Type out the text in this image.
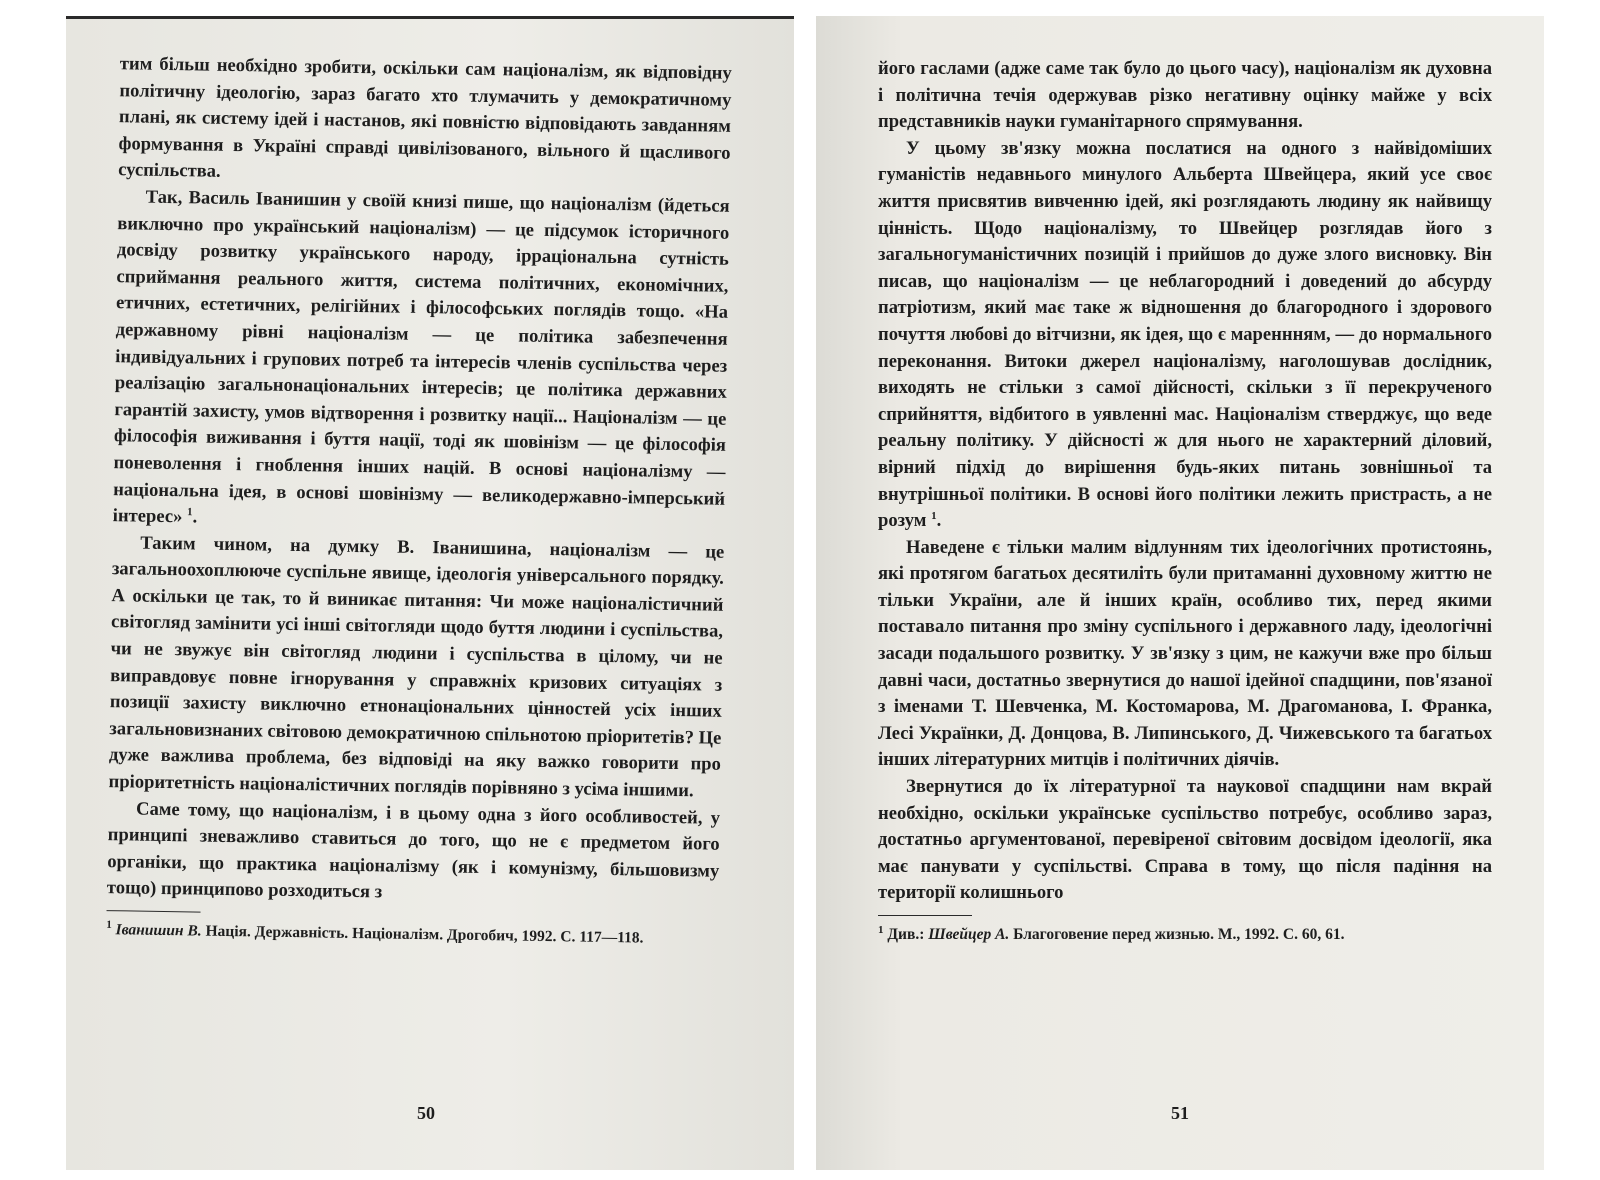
тим більш необхідно зробити, оскільки сам націоналізм, як відповідну політичну ідеологію, зараз багато хто тлумачить у демократичному плані, як систему ідей і настанов, які повністю відповідають завданням формування в Україні справді цивілізованого, вільного й щасливого суспільства.

Так, Василь Іванишин у своїй книзі пише, що націоналізм (йдеться виключно про український націоналізм) — це підсумок історичного досвіду розвитку українського народу, ірраціональна сутність сприймання реального життя, система політичних, економічних, етичних, естетичних, релігійних і філософських поглядів тощо. «На державному рівні націоналізм — це політика забезпечення індивідуальних і групових потреб та інтересів членів суспільства через реалізацію загальнонаціональних інтересів; це політика державних гарантій захисту, умов відтворення і розвитку нації... Націоналізм — це філософія виживання і буття нації, тоді як шовінізм — це філософія поневолення і гноблення інших націй. В основі націоналізму — національна ідея, в основі шовінізму — великодержавно-імперський інтерес» $^1$.

Таким чином, на думку В. Іванишина, націоналізм — це загальноохоплюючe суспільне явище, ідеологія універсального порядку. А оскільки це так, то й виникає питання: Чи може націоналістичний світогляд замінити усі інші світогляди щодо буття людини і суспільства, чи не звужує він світогляд людини і суспільства в цілому, чи не виправдовує повне ігнорування у справжніх кризових ситуаціях з позиції захисту виключно етнонаціональних цінностей усіх інших загальновизнаних світовою демократичною спільнотою пріоритетів? Це дуже важлива проблема, без відповіді на яку важко говорити про пріоритетність націоналістичних поглядів порівняно з усіма іншими.

Саме тому, що націоналізм, і в цьому одна з його особливостей, у принципі зневажливо ставиться до того, що не є предметом його органіки, що практика націоналізму (як і комунізму, більшовизму тощо) принципово розходиться з

$^1$ Іванишин В. Нація. Державність. Націоналізм. Дрогобич, 1992. С. 117—118.
50

його гаслами (адже саме так було до цього часу), націоналізм як духовна і політична течія одержував різко негативну оцінку майже у всіх представників науки гуманітарного спрямування.

У цьому зв'язку можна послатися на одного з найвідоміших гуманістів недавнього минулого Альберта Швейцера, який усе своє життя присвятив вивченню ідей, які розглядають людину як найвищу цінність. Щодо націоналізму, то Швейцер розглядав його з загальногуманістичних позицій і прийшов до дуже злого висновку. Він писав, що націоналізм — це неблагородний і доведений до абсурду патріотизм, який має таке ж відношення до благородного і здорового почуття любові до вітчизни, як ідея, що є мареннням, — до нормального переконання. Витоки джерел націоналізму, наголошував дослідник, виходять не стільки з самої дійсності, скільки з її перекрученого сприйняття, відбитого в уявленні мас. Націоналізм стверджує, що веде реальну політику. У дійсності ж для нього не характерний діловий, вірний підхід до вирішення будь-яких питань зовнішньої та внутрішньої політики. В основі його політики лежить пристрасть, а не розум $^1$.

Наведене є тільки малим відлунням тих ідеологічних протистоянь, які протягом багатьох десятиліть були притаманні духовному життю не тільки України, але й інших країн, особливо тих, перед якими поставало питання про зміну суспільного і державного ладу, ідеологічні засади подальшого розвитку. У зв'язку з цим, не кажучи вже про більш давні часи, достатньо звернутися до нашої ідейної спадщини, пов'язаної з іменами Т. Шевченка, М. Костомарова, М. Драгоманова, І. Франка, Лесі Українки, Д. Донцова, В. Липинського, Д. Чижевського та багатьох інших літературних митців і політичних діячів.

Звернутися до їх літературної та наукової спадщини нам вкрай необхідно, оскільки українське суспільство потребує, особливо зараз, достатньо аргументованої, перевіреної світовим досвідом ідеології, яка має панувати у суспільстві. Справа в тому, що після падіння на території колишнього

$^1$ Див.: Швейцер А. Благоговение перед жизнью. М., 1992. С. 60, 61.
51
